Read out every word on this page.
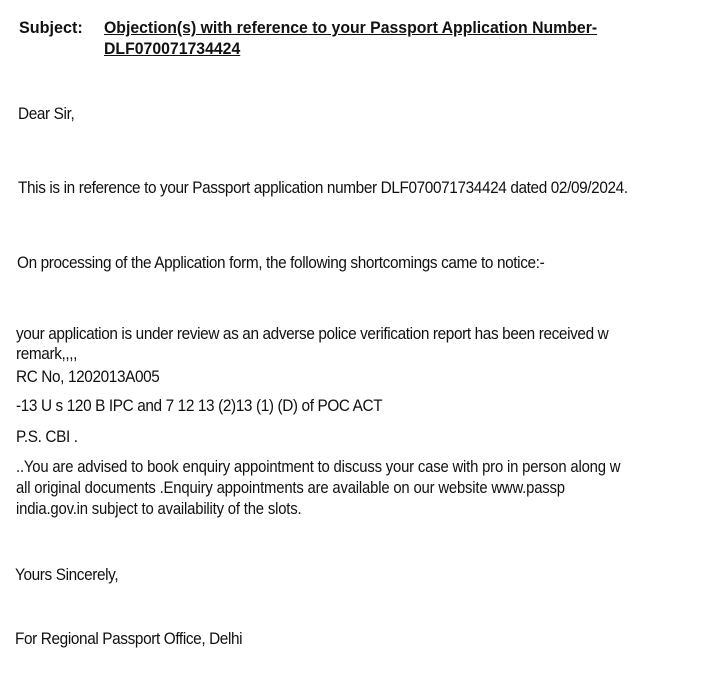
Subject: Objection(s) with reference to your Passport Application Number-
DLF070071734424
Dear Sir,
This is in reference to your Passport application number DLF070071734424 dated 02/09/2024.
On processing of the Application form, the following shortcomings came to notice:-
your application is under review as an adverse police verification report has been received w
remark,,,,
RC No, 1202013A005
-13 U s 120 B IPC and 7 12 13 (2)13 (1) (D) of POC ACT
P.S. CBI .
..You are advised to book enquiry appointment to discuss your case with pro in person along w
all original documents .Enquiry appointments are available on our website www.passp
india.gov.in subject to availability of the slots.
Yours Sincerely,
For Regional Passport Office, Delhi
